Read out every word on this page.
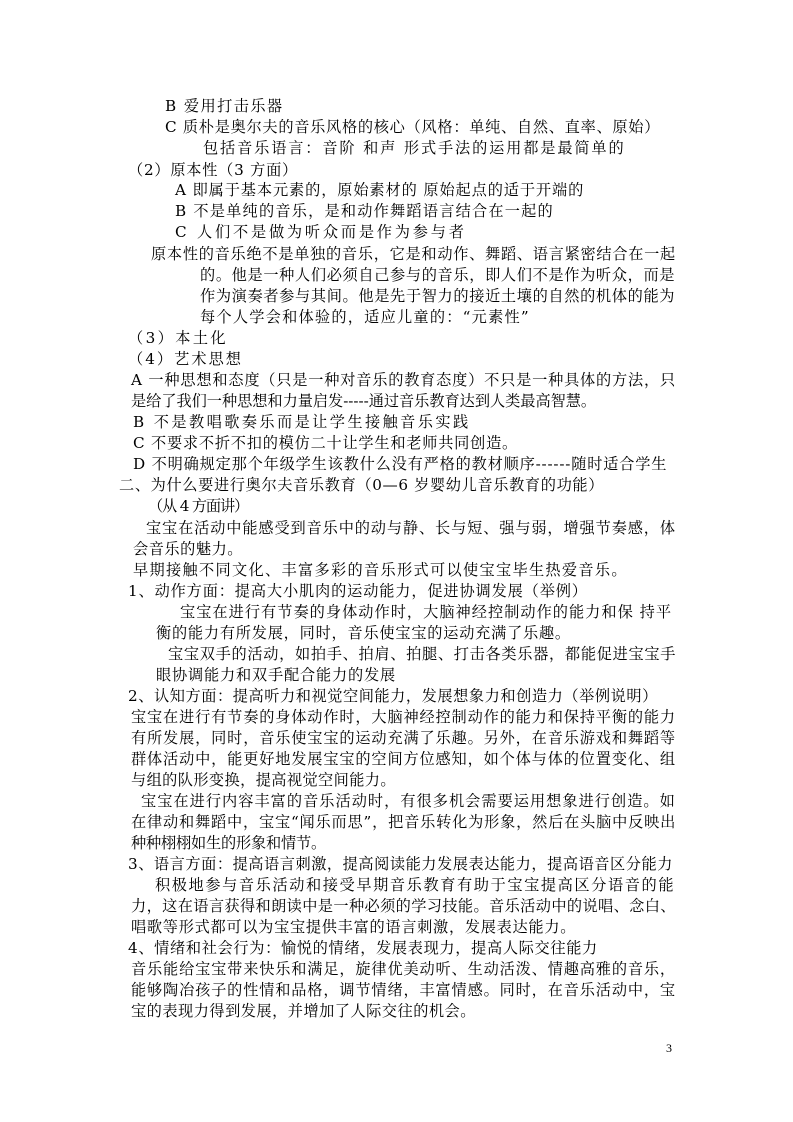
B 爱用打击乐器
C 质朴是奥尔夫的音乐风格的核心（风格：单纯、自然、直率、原始）
包括音乐语言：音阶 和声 形式手法的运用都是最简单的
（2）原本性（3 方面）
A 即属于基本元素的，原始素材的 原始起点的适于开端的
B 不是单纯的音乐，是和动作舞蹈语言结合在一起的
C 人们不是做为听众而是作为参与者
原本性的音乐绝不是单独的音乐，它是和动作、舞蹈、语言紧密结合在一起
的。他是一种人们必须自己参与的音乐，即人们不是作为听众，而是
作为演奏者参与其间。他是先于智力的接近土壤的自然的机体的能为
每个人学会和体验的，适应儿童的：“元素性”
（3）本土化
（4）艺术思想
A 一种思想和态度（只是一种对音乐的教育态度）不只是一种具体的方法，只
是给了我们一种思想和力量启发-----通过音乐教育达到人类最高智慧。
B 不是教唱歌奏乐而是让学生接触音乐实践
C 不要求不折不扣的模仿二十让学生和老师共同创造。
D 不明确规定那个年级学生该教什么没有严格的教材顺序------随时适合学生
二、为什么要进行奥尔夫音乐教育（0—6 岁婴幼儿音乐教育的功能）
（从 4 方面讲）
宝宝在活动中能感受到音乐中的动与静、长与短、强与弱，增强节奏感，体
会音乐的魅力。
早期接触不同文化、丰富多彩的音乐形式可以使宝宝毕生热爱音乐。
1、动作方面：提高大小肌肉的运动能力，促进协调发展（举例）
宝宝在进行有节奏的身体动作时，大脑神经控制动作的能力和保 持平
衡的能力有所发展，同时，音乐使宝宝的运动充满了乐趣。
宝宝双手的活动，如拍手、拍肩、拍腿、打击各类乐器，都能促进宝宝手
眼协调能力和双手配合能力的发展
2、认知方面：提高听力和视觉空间能力，发展想象力和创造力（举例说明）
宝宝在进行有节奏的身体动作时，大脑神经控制动作的能力和保持平衡的能力
有所发展，同时，音乐使宝宝的运动充满了乐趣。另外，在音乐游戏和舞蹈等
群体活动中，能更好地发展宝宝的空间方位感知，如个体与体的位置变化、组
与组的队形变换，提高视觉空间能力。
宝宝在进行内容丰富的音乐活动时，有很多机会需要运用想象进行创造。如
在律动和舞蹈中，宝宝“闻乐而思”，把音乐转化为形象，然后在头脑中反映出
种种栩栩如生的形象和情节。
3、语言方面：提高语言刺激，提高阅读能力发展表达能力，提高语音区分能力
积极地参与音乐活动和接受早期音乐教育有助于宝宝提高区分语音的能
力，这在语言获得和朗读中是一种必须的学习技能。音乐活动中的说唱、念白、
唱歌等形式都可以为宝宝提供丰富的语言刺激，发展表达能力。
4、情绪和社会行为：愉悦的情绪，发展表现力，提高人际交往能力
音乐能给宝宝带来快乐和满足，旋律优美动听、生动活泼、情趣高雅的音乐，
能够陶冶孩子的性情和品格，调节情绪，丰富情感。同时，在音乐活动中，宝
宝的表现力得到发展，并增加了人际交往的机会。
3
